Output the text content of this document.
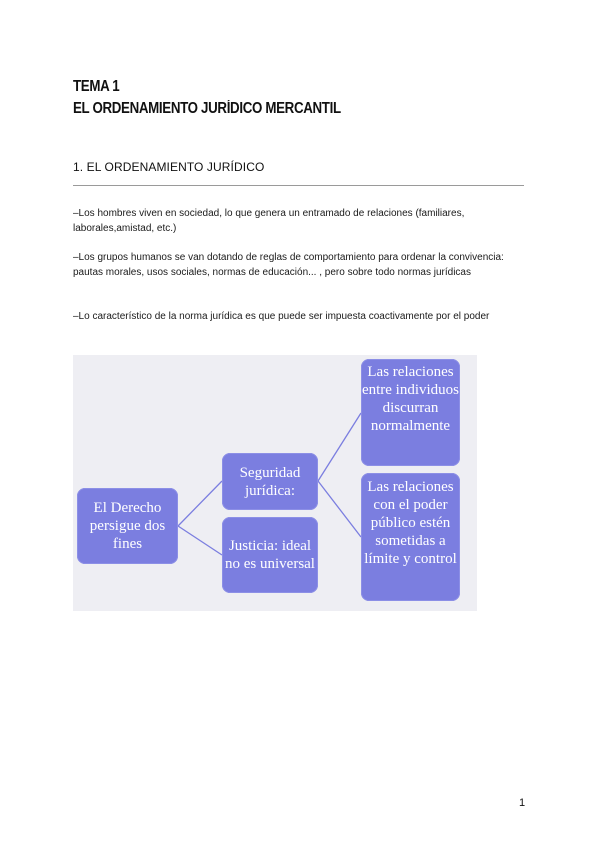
TEMA 1
EL ORDENAMIENTO JURÍDICO MERCANTIL
1. EL ORDENAMIENTO JURÍDICO
–Los hombres viven en sociedad, lo que genera un entramado de relaciones (familiares, laborales,amistad, etc.)
–Los grupos humanos se van dotando de reglas de comportamiento para ordenar la convivencia: pautas morales, usos sociales, normas de educación... , pero sobre todo normas jurídicas
–Lo característico de la norma jurídica es que puede ser impuesta coactivamente por el poder
El Derecho persigue dos fines
Seguridad jurídica:
Justicia: ideal no es universal
Las relaciones entre individuos discurran normalmente
Las relaciones con el poder público estén sometidas a límite y control
1
